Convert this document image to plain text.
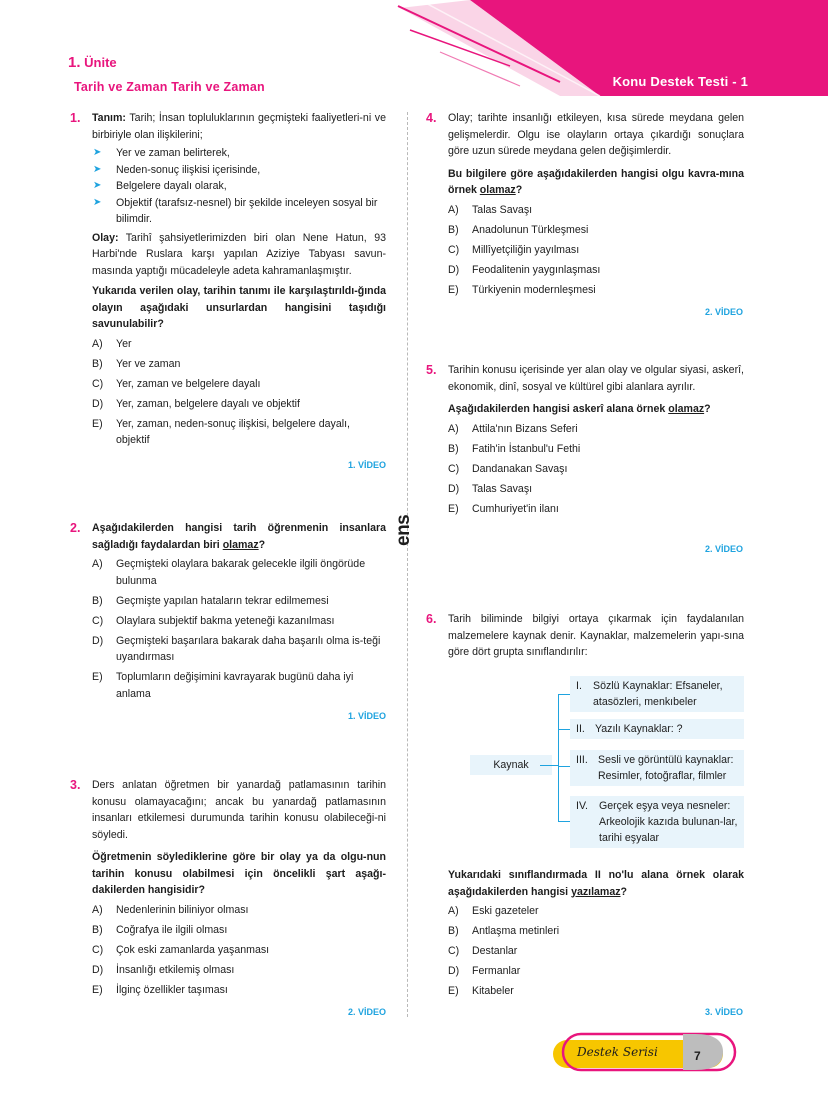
1. Ünite
Tarih ve Zaman Tarih ve Zaman	Konu Destek Testi - 1
ens
1. Tanım: Tarih; İnsan topluluklarının geçmişteki faaliyetleri-ni ve birbiriyle olan ilişkilerini;

➤ Yer ve zaman belirterek,
➤ Neden-sonuç ilişkisi içerisinde,
➤ Belgelere dayalı olarak,
➤ Objektif (tarafsız-nesnel) bir şekilde inceleyen sosyal bir bilimdir.

Olay: Tarihî şahsiyetlerimizden biri olan Nene Hatun, 93 Harbi'nde Ruslara karşı yapılan Aziziye Tabyası savun-masında yaptığı mücadeleyle adeta kahramanlaşmıştır.

Yukarıda verilen olay, tarihin tanımı ile karşılaştırıldı-ğında olayın aşağıdaki unsurlardan hangisini taşıdığı savunulabilir?

A) Yer
B) Yer ve zaman
C) Yer, zaman ve belgelere dayalı
D) Yer, zaman, belgelere dayalı ve objektif
E) Yer, zaman, neden-sonuç ilişkisi, belgelere dayalı, objektif
1. VİDEO
2. Aşağıdakilerden hangisi tarih öğrenmenin insanlara sağladığı faydalardan biri olamaz?

A) Geçmişteki olaylara bakarak gelecekle ilgili öngörüde bulunma
B) Geçmişte yapılan hataların tekrar edilmemesi
C) Olaylara subjektif bakma yeteneği kazanılması
D) Geçmişteki başarılara bakarak daha başarılı olma is-teği uyandırması
E) Toplumların değişimini kavrayarak bugünü daha iyi anlama
1. VİDEO
3. Ders anlatan öğretmen bir yanardağ patlamasının tarihin konusu olamayacağını; ancak bu yanardağ patlamasının insanları etkilemesi durumunda tarihin konusu olabileceği-ni söyledi.

Öğretmenin söylediklerine göre bir olay ya da olgu-nun tarihin konusu olabilmesi için öncelikli şart aşağı-dakilerden hangisidir?

A) Nedenlerinin biliniyor olması
B) Coğrafya ile ilgili olması
C) Çok eski zamanlarda yaşanması
D) İnsanlığı etkilemiş olması
E) İlginç özellikler taşıması
2. VİDEO
4. Olay; tarihte insanlığı etkileyen, kısa sürede meydana gelen gelişmelerdir. Olgu ise olayların ortaya çıkardığı sonuçlara göre uzun sürede meydana gelen değişimlerdir.

Bu bilgilere göre aşağıdakilerden hangisi olgu kavra-mına örnek olamaz?

A) Talas Savaşı
B) Anadolunun Türkleşmesi
C) Millîyetçiliğin yayılması
D) Feodalitenin yaygınlaşması
E) Türkiyenin modernleşmesi
2. VİDEO
5. Tarihin konusu içerisinde yer alan olay ve olgular siyasi, askerî, ekonomik, dinî, sosyal ve kültürel gibi alanlara ayrılır.

Aşağıdakilerden hangisi askerî alana örnek olamaz?

A) Attila'nın Bizans Seferi
B) Fatih'in İstanbul'u Fethi
C) Dandanakan Savaşı
D) Talas Savaşı
E) Cumhuriyet'in ilanı
2. VİDEO
6. Tarih biliminde bilgiyi ortaya çıkarmak için faydalanılan malzemelere kaynak denir. Kaynaklar, malzemelerin yapı-sına göre dört grupta sınıflandırılır:

Kaynak
I.	Sözlü Kaynaklar: Efsaneler, atasözleri, menkıbeler
II. Yazılı Kaynaklar: ?
III. Sesli ve görüntülü kaynaklar: Resimler, fotoğraflar, filmler
IV.	Gerçek eşya veya nesneler: Arkeolojik kazıda bulunan-lar, tarihi eşyalar

Yukarıdaki sınıflandırmada II no'lu alana örnek olarak aşağıdakilerden hangisi yazılamaz?

A) Eski gazeteler
B) Antlaşma metinleri
C) Destanlar
D) Fermanlar
E) Kitabeler
3. VİDEO
Destek Serisi	7
